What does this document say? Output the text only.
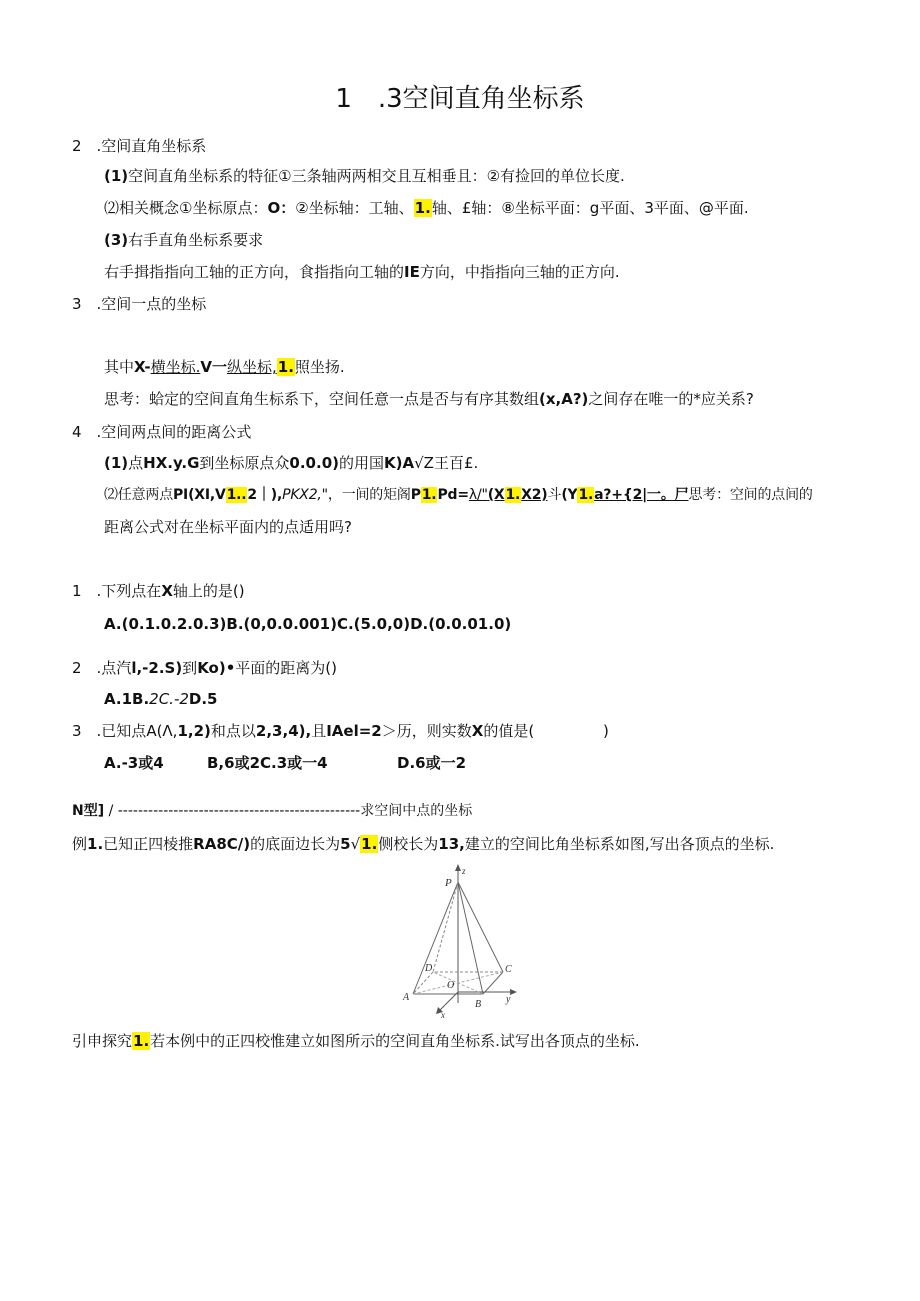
1　.3空间直角坐标系
2　.空间直角坐标系
(1)空间直角坐标系的特征①三条轴两两相交且互相垂且：②有捡回的单位长度.
⑵相关概念①坐标原点：O：②坐标轴：工轴、1.轴、£轴：⑧坐标平面：g平面、3平面、@平面.
(3)右手直角坐标系要求
右手揖指指向工轴的正方向，食指指向工轴的IE方向，中指指向三轴的正方向.
3　.空间一点的坐标
其中X-横坐标.V一纵坐标,1.照坐扬.
思考：蛤定的空间直角生标系下，空间任意一点是否与有序其数组(x,A?)之间存在唯一的*应关系?
4　.空间两点间的距离公式
(1)点HX.y.G到坐标原点众0.0.0)的用国K)A√Z王百£.
⑵任意两点PI(XI,V1..2｜),PKX2,"，一间的矩阁P1.Pd=λ/"(X1.X2)斗(Y1.a?+{2|一。尸思考：空间的点间的
距离公式对在坐标平面内的点适用吗?
1　.下列点在X轴上的是()
A.(0.1.0.2.0.3)B.(0,0.0.001)C.(5.0,0)D.(0.0.01.0)
2　.点汽l,-2.S)到Ko)•平面的距离为()
A.1B.2C.-2D.5
3　.已知点A(Λ,1,2)和点以2,3,4),且IAel=2＞历，则实数X的值是(	)
A.-3或4	B,6或2C.3或一4	D.6或一2
N型] / ------------------------------------------------求空间中点的坐标
例1.已知正四棱推RA8C/)的底面边长为5√1.侧校长为13,建立的空间比角坐标系如图,写出各顶点的坐标.
P
z
D	C
O
A
B y
x
引申探究1.若本例中的正四校惟建立如图所示的空间直角坐标系.试写出各顶点的坐标.
